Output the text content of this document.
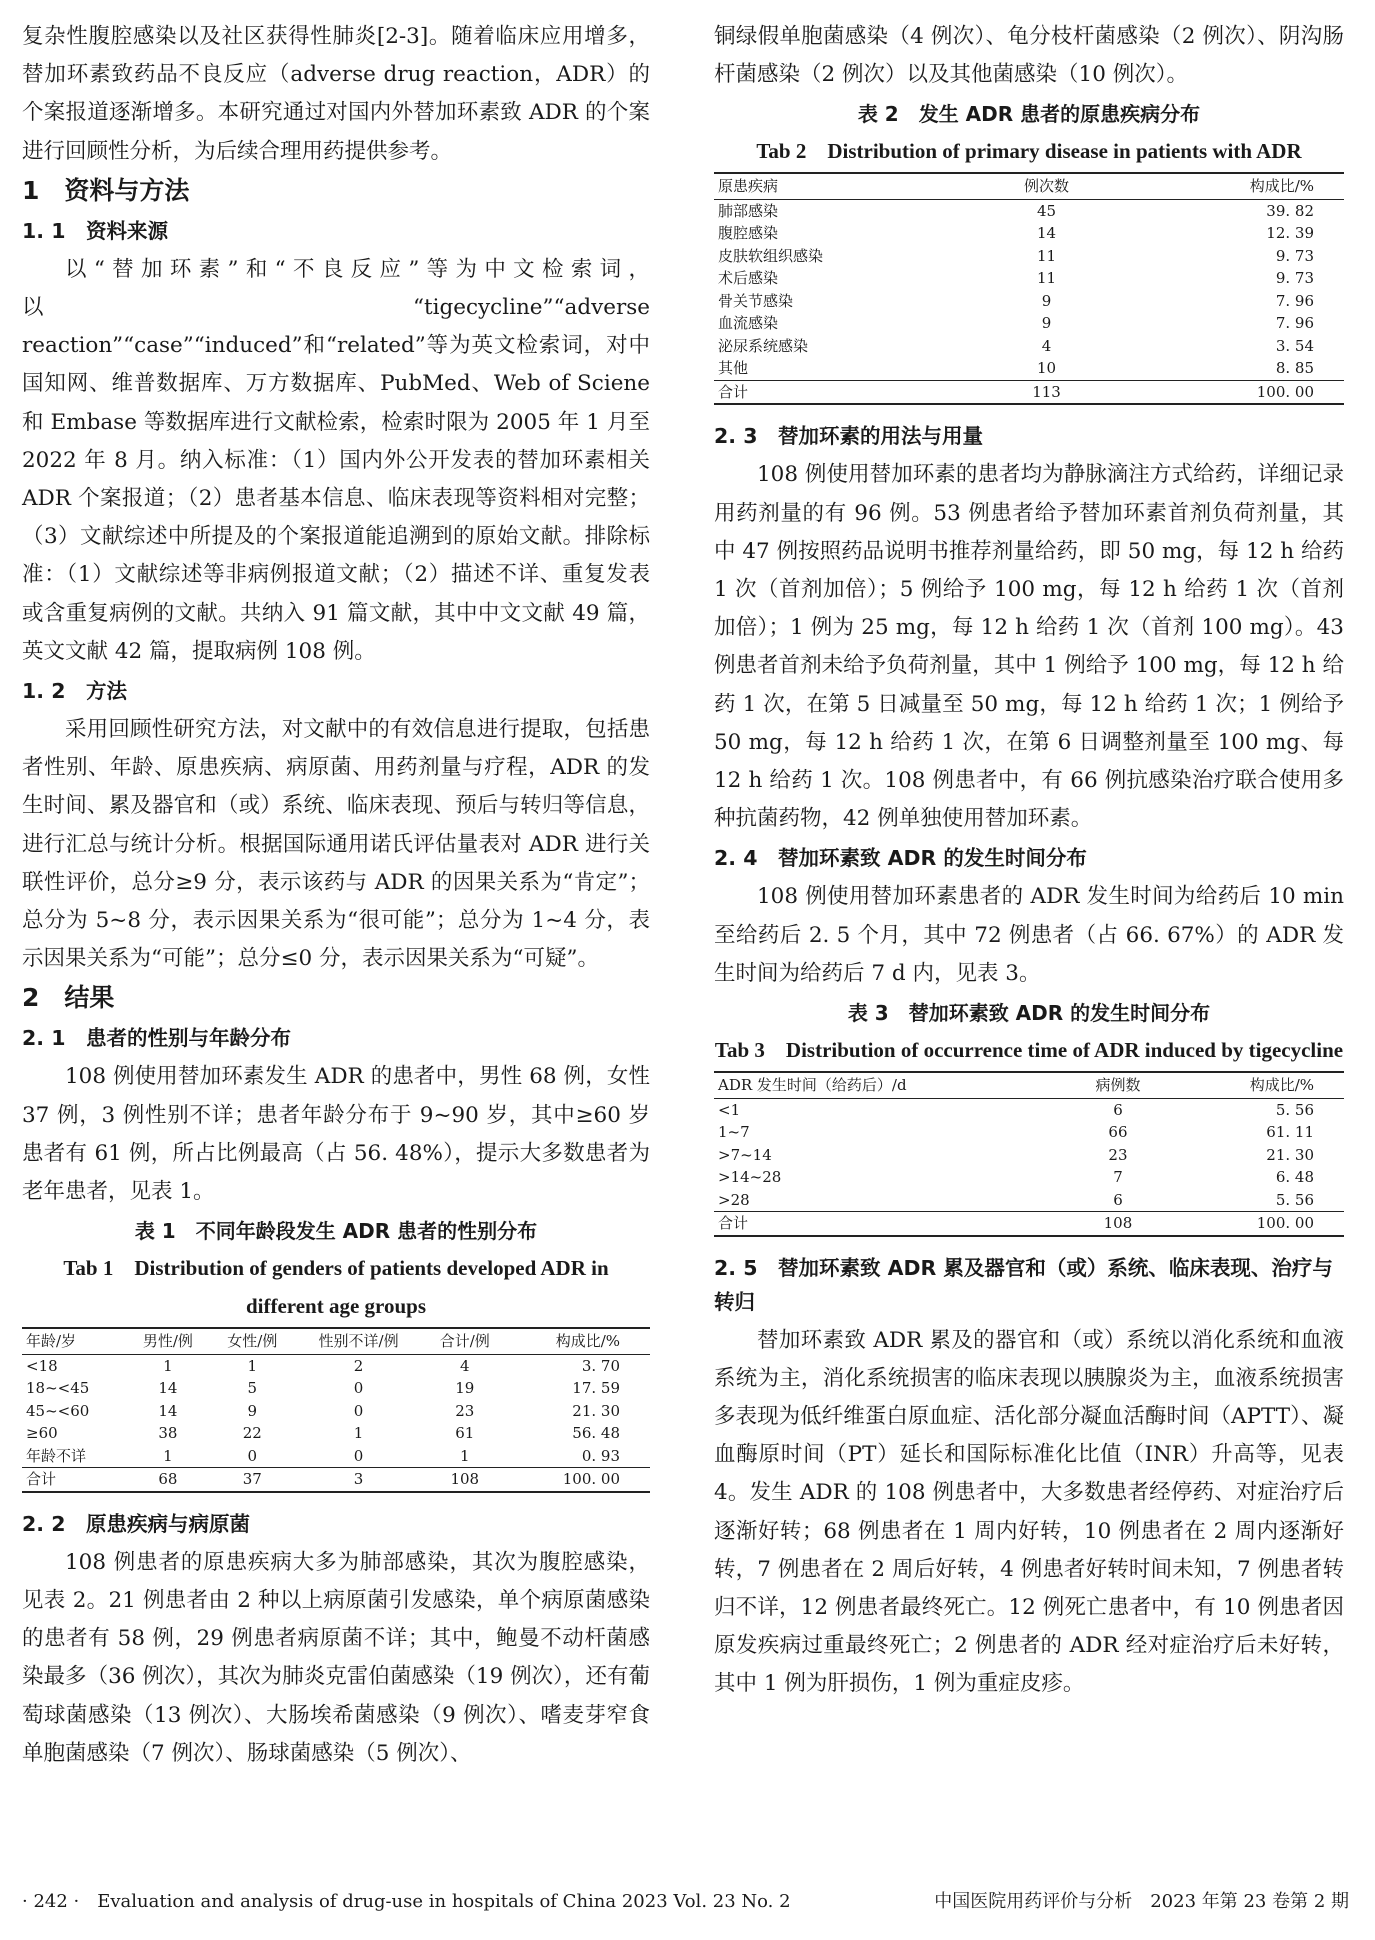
复杂性腹腔感染以及社区获得性肺炎[2-3]。随着临床应用增多，替加环素致药品不良反应（adverse drug reaction，ADR）的个案报道逐渐增多。本研究通过对国内外替加环素致 ADR 的个案进行回顾性分析，为后续合理用药提供参考。

1　资料与方法
1. 1　资料来源

以“替加环素”和“不良反应”等为中文检索词，以“tigecycline”“adverse reaction”“case”“induced”和“related”等为英文检索词，对中国知网、维普数据库、万方数据库、PubMed、Web of Sciene 和 Embase 等数据库进行文献检索，检索时限为 2005 年 1 月至 2022 年 8 月。纳入标准：（1）国内外公开发表的替加环素相关 ADR 个案报道；（2）患者基本信息、临床表现等资料相对完整；（3）文献综述中所提及的个案报道能追溯到的原始文献。排除标准：（1）文献综述等非病例报道文献；（2）描述不详、重复发表或含重复病例的文献。共纳入 91 篇文献，其中中文文献 49 篇，英文文献 42 篇，提取病例 108 例。

1. 2　方法

采用回顾性研究方法，对文献中的有效信息进行提取，包括患者性别、年龄、原患疾病、病原菌、用药剂量与疗程，ADR 的发生时间、累及器官和（或）系统、临床表现、预后与转归等信息，进行汇总与统计分析。根据国际通用诺氏评估量表对 ADR 进行关联性评价，总分≥9 分，表示该药与 ADR 的因果关系为“肯定”；总分为 5~8 分，表示因果关系为“很可能”；总分为 1~4 分，表示因果关系为“可能”；总分≤0 分，表示因果关系为“可疑”。

2　结果
2. 1　患者的性别与年龄分布

108 例使用替加环素发生 ADR 的患者中，男性 68 例，女性 37 例，3 例性别不详；患者年龄分布于 9~90 岁，其中≥60 岁患者有 61 例，所占比例最高（占 56. 48%），提示大多数患者为老年患者，见表 1。

表 1　不同年龄段发生 ADR 患者的性别分布
Tab 1　Distribution of genders of patients developed ADR in different age groups
年龄/岁	男性/例	女性/例	性别不详/例	合计/例	构成比/%
<18	1	1	2	4	3. 70
18~<45	14	5	0	19	17. 59
45~<60	14	9	0	23	21. 30
≥60	38	22	1	61	56. 48
年龄不详	1	0	0	1	0. 93
合计	68	37	3	108	100. 00
2. 2　原患疾病与病原菌

108 例患者的原患疾病大多为肺部感染，其次为腹腔感染，见表 2。21 例患者由 2 种以上病原菌引发感染，单个病原菌感染的患者有 58 例，29 例患者病原菌不详；其中，鲍曼不动杆菌感染最多（36 例次），其次为肺炎克雷伯菌感染（19 例次），还有葡萄球菌感染（13 例次）、大肠埃希菌感染（9 例次）、嗜麦芽窄食单胞菌感染（7 例次）、肠球菌感染（5 例次）、

铜绿假单胞菌感染（4 例次）、龟分枝杆菌感染（2 例次）、阴沟肠杆菌感染（2 例次）以及其他菌感染（10 例次）。

表 2　发生 ADR 患者的原患疾病分布
Tab 2　Distribution of primary disease in patients with ADR
原患疾病	例次数	构成比/%
肺部感染	45	39. 82
腹腔感染	14	12. 39
皮肤软组织感染	11	9. 73
术后感染	11	9. 73
骨关节感染	9	7. 96
血流感染	9	7. 96
泌尿系统感染	4	3. 54
其他	10	8. 85
合计	113	100. 00
2. 3　替加环素的用法与用量

108 例使用替加环素的患者均为静脉滴注方式给药，详细记录用药剂量的有 96 例。53 例患者给予替加环素首剂负荷剂量，其中 47 例按照药品说明书推荐剂量给药，即 50 mg，每 12 h 给药 1 次（首剂加倍）；5 例给予 100 mg，每 12 h 给药 1 次（首剂加倍）；1 例为 25 mg，每 12 h 给药 1 次（首剂 100 mg）。43 例患者首剂未给予负荷剂量，其中 1 例给予 100 mg，每 12 h 给药 1 次，在第 5 日减量至 50 mg，每 12 h 给药 1 次；1 例给予 50 mg，每 12 h 给药 1 次，在第 6 日调整剂量至 100 mg、每 12 h 给药 1 次。108 例患者中，有 66 例抗感染治疗联合使用多种抗菌药物，42 例单独使用替加环素。

2. 4　替加环素致 ADR 的发生时间分布

108 例使用替加环素患者的 ADR 发生时间为给药后 10 min 至给药后 2. 5 个月，其中 72 例患者（占 66. 67%）的 ADR 发生时间为给药后 7 d 内，见表 3。

表 3　替加环素致 ADR 的发生时间分布
Tab 3　Distribution of occurrence time of ADR induced by tigecycline
ADR 发生时间（给药后）/d	病例数	构成比/%
<1	6	5. 56
1~7	66	61. 11
>7~14	23	21. 30
>14~28	7	6. 48
>28	6	5. 56
合计	108	100. 00
2. 5　替加环素致 ADR 累及器官和（或）系统、临床表现、治疗与转归

替加环素致 ADR 累及的器官和（或）系统以消化系统和血液系统为主，消化系统损害的临床表现以胰腺炎为主，血液系统损害多表现为低纤维蛋白原血症、活化部分凝血活酶时间（APTT）、凝血酶原时间（PT）延长和国际标准化比值（INR）升高等，见表 4。发生 ADR 的 108 例患者中，大多数患者经停药、对症治疗后逐渐好转；68 例患者在 1 周内好转，10 例患者在 2 周内逐渐好转，7 例患者在 2 周后好转，4 例患者好转时间未知，7 例患者转归不详，12 例患者最终死亡。12 例死亡患者中，有 10 例患者因原发疾病过重最终死亡；2 例患者的 ADR 经对症治疗后未好转，其中 1 例为肝损伤，1 例为重症皮疹。

· 242 ·　Evaluation and analysis of drug-use in hospitals of China 2023 Vol. 23 No. 2	中国医院用药评价与分析　2023 年第 23 卷第 2 期
